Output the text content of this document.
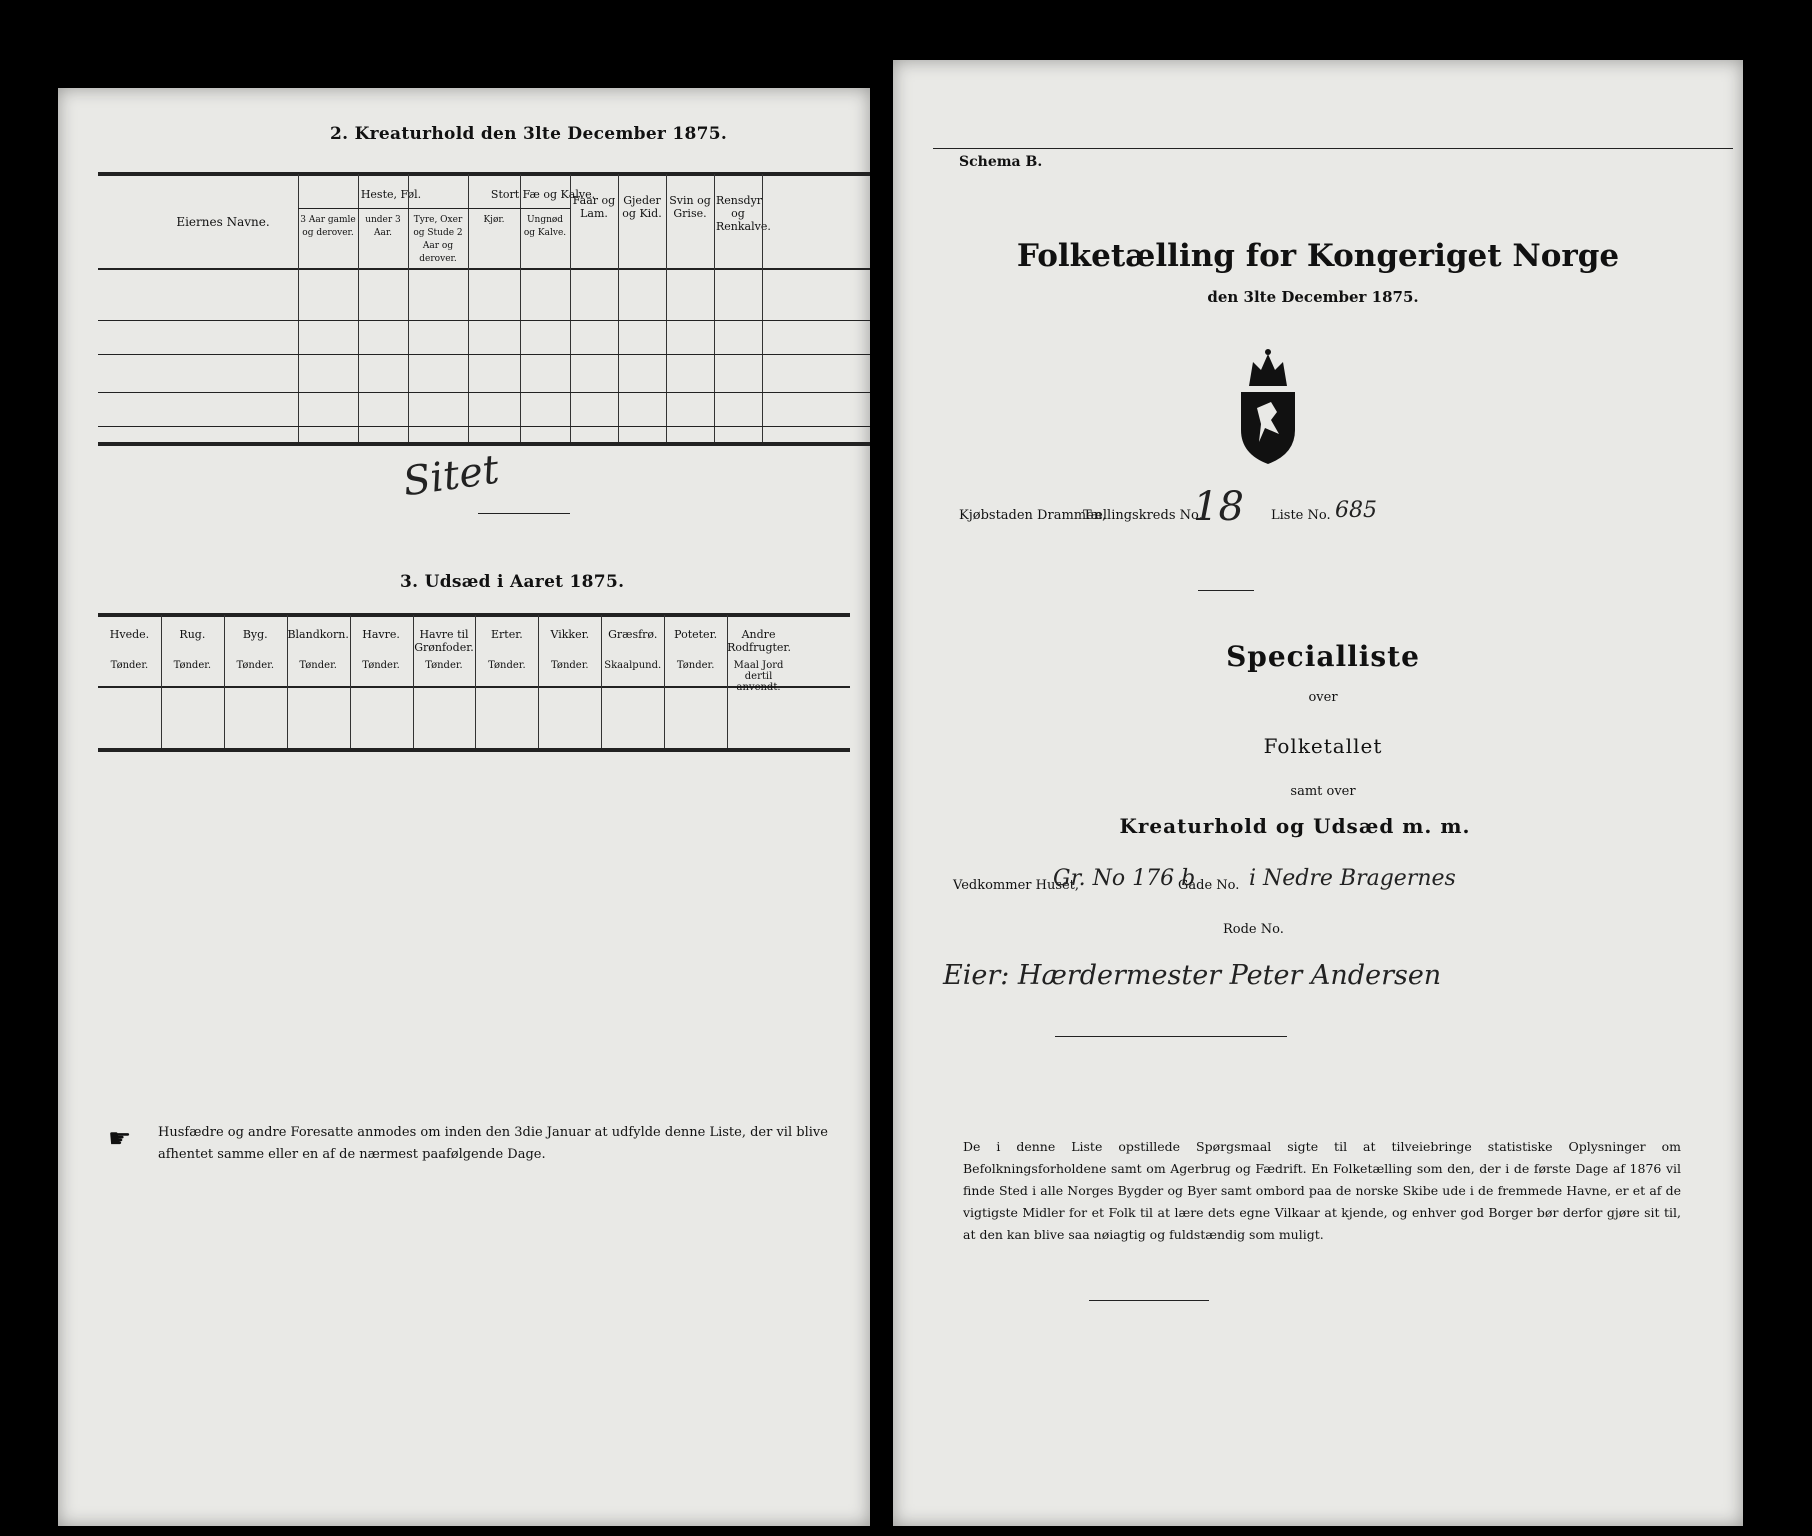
2. Kreaturhold den 3lte December 1875.
Eiernes Navne.
Heste, Føl.	Stort Fæ og Kalve.
3 Aar gamle og derover.
under 3 Aar.
Tyre, Oxer og Stude 2 Aar og derover.
Kjør.	Ungnød og Kalve.
Faar og Lam.
Gjeder og Kid.
Svin og Grise.
Rensdyr og Renkalve.
Sitet
3. Udsæd i Aaret 1875.
Hvede.
Tønder.
Rug.
Tønder.
Byg.
Tønder.
Blandkorn.
Tønder.
Havre.
Tønder.
Havre til Grønfoder.
Tønder.
Erter.
Tønder.
Vikker.
Tønder.
Græsfrø.
Skaalpund.
Poteter.
Tønder.
Andre Rodfrugter.
Maal Jord dertil anvendt.
☛ Husfædre og andre Foresatte anmodes om inden den 3die Januar at udfylde denne Liste, der vil blive afhentet samme eller en af de nærmest paafølgende Dage.
Schema B.
Folketælling for Kongeriget Norge
den 3lte December 1875.
Kjøbstaden Drammen,
Tællingskreds No.
18 Liste No. 685
Specialliste
over
Folketallet
samt over
Kreaturhold og Udsæd m. m.
Vedkommer Huset,
Gr. No 176 b
Gade No. i Nedre Bragernes
Rode No.
Eier: Hærdermester Peter Andersen
De i denne Liste opstillede Spørgsmaal sigte til at tilveiebringe statistiske Oplysninger om Befolkningsforholdene samt om Agerbrug og Fædrift. En Folketælling som den, der i de første Dage af 1876 vil finde Sted i alle Norges Bygder og Byer samt ombord paa de norske Skibe ude i de fremmede Havne, er et af de vigtigste Midler for et Folk til at lære dets egne Vilkaar at kjende, og enhver god Borger bør derfor gjøre sit til, at den kan blive saa nøiagtig og fuldstændig som muligt.
